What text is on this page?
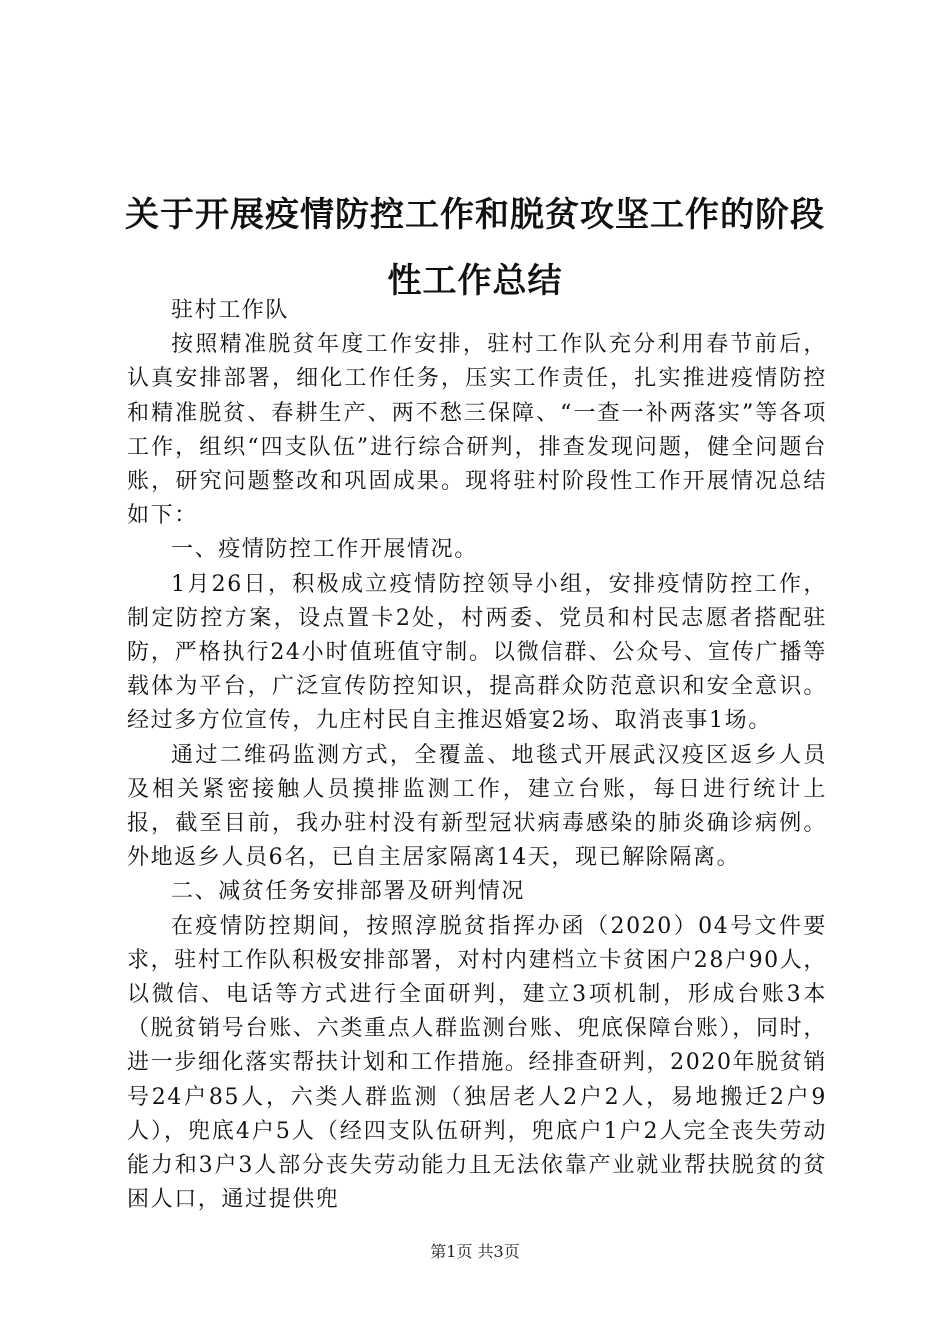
关于开展疫情防控工作和脱贫攻坚工作的阶段性工作总结

驻村工作队

按照精准脱贫年度工作安排，驻村工作队充分利用春节前后，认真安排部署，细化工作任务，压实工作责任，扎实推进疫情防控和精准脱贫、春耕生产、两不愁三保障、“一查一补两落实”等各项工作，组织“四支队伍”进行综合研判，排查发现问题，健全问题台账，研究问题整改和巩固成果。现将驻村阶段性工作开展情况总结如下：

一、疫情防控工作开展情况。

1月26日，积极成立疫情防控领导小组，安排疫情防控工作，制定防控方案，设点置卡2处，村两委、党员和村民志愿者搭配驻防，严格执行24小时值班值守制。以微信群、公众号、宣传广播等载体为平台，广泛宣传防控知识，提高群众防范意识和安全意识。经过多方位宣传，九庄村民自主推迟婚宴2场、取消丧事1场。

通过二维码监测方式，全覆盖、地毯式开展武汉疫区返乡人员及相关紧密接触人员摸排监测工作，建立台账，每日进行统计上报，截至目前，我办驻村没有新型冠状病毒感染的肺炎确诊病例。外地返乡人员6名，已自主居家隔离14天，现已解除隔离。

二、减贫任务安排部署及研判情况

在疫情防控期间，按照淳脱贫指挥办函（2020）04号文件要求，驻村工作队积极安排部署，对村内建档立卡贫困户28户90人，以微信、电话等方式进行全面研判，建立3项机制，形成台账3本（脱贫销号台账、六类重点人群监测台账、兜底保障台账），同时，进一步细化落实帮扶计划和工作措施。经排查研判，2020年脱贫销号24户85人，六类人群监测（独居老人2户2人，易地搬迁2户9人），兜底4户5人（经四支队伍研判，兜底户1户2人完全丧失劳动能力和3户3人部分丧失劳动能力且无法依靠产业就业帮扶脱贫的贫困人口，通过提供兜

第1页 共3页
